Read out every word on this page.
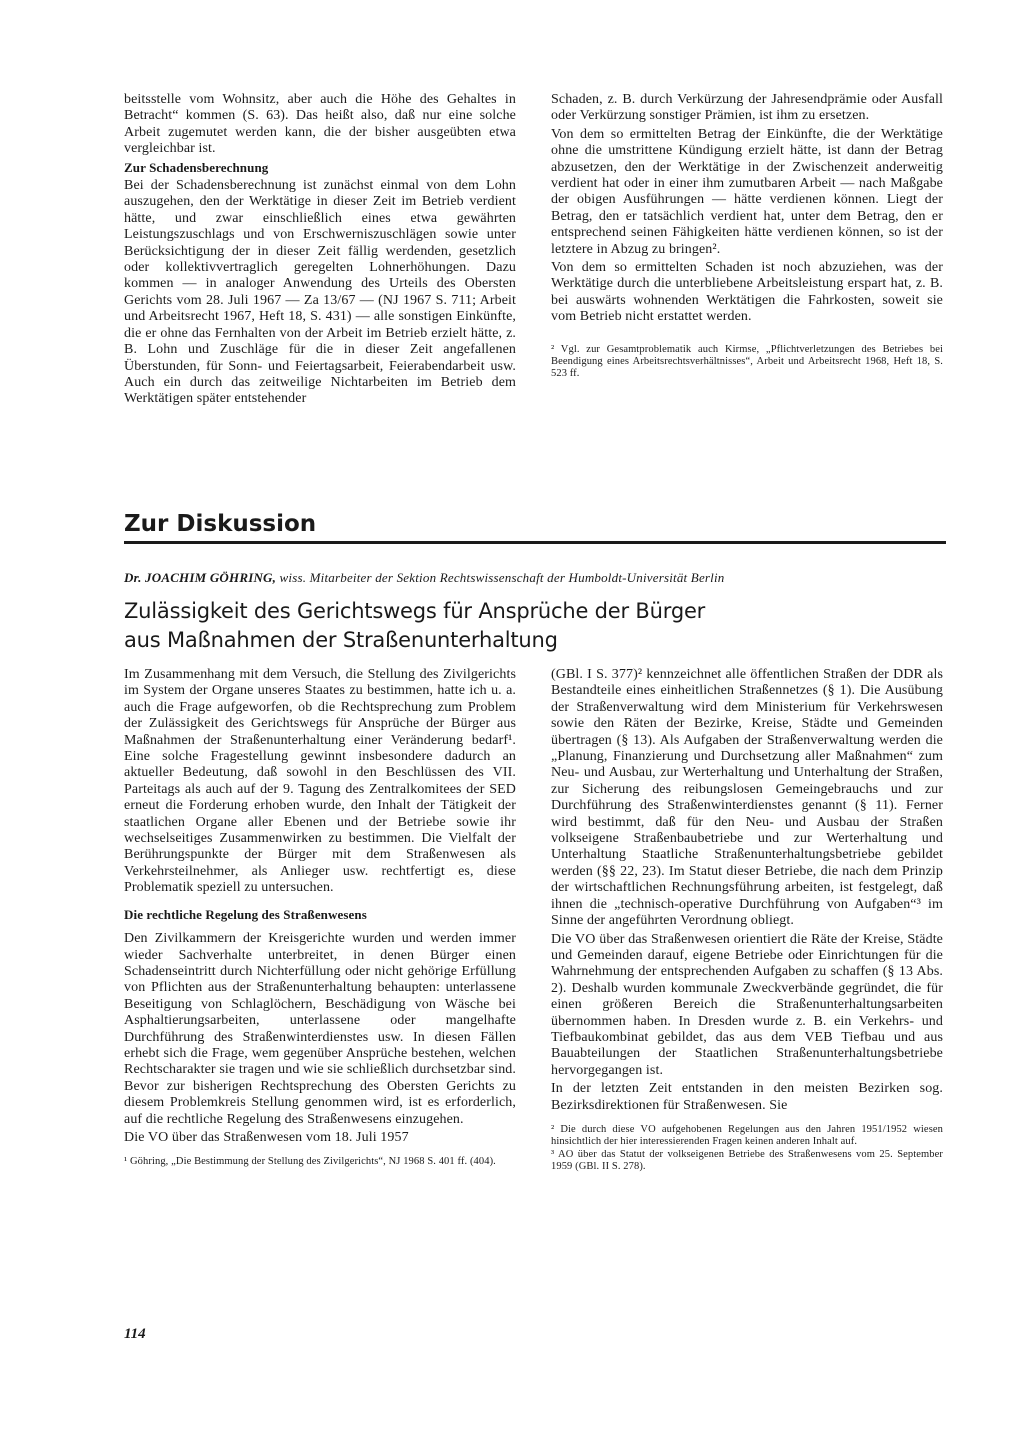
beitsstelle vom Wohnsitz, aber auch die Höhe des Gehaltes in Betracht“ kommen (S. 63). Das heißt also, daß nur eine solche Arbeit zugemutet werden kann, die der bisher ausgeübten etwa vergleichbar ist.

Zur Schadensberechnung

Bei der Schadensberechnung ist zunächst einmal von dem Lohn auszugehen, den der Werktätige in dieser Zeit im Betrieb verdient hätte, und zwar einschließlich eines etwa gewährten Leistungszuschlags und von Erschwerniszuschlägen sowie unter Berücksichtigung der in dieser Zeit fällig werdenden, gesetzlich oder kollektivvertraglich geregelten Lohnerhöhungen. Dazu kommen — in analoger Anwendung des Urteils des Obersten Gerichts vom 28. Juli 1967 — Za 13/67 — (NJ 1967 S. 711; Arbeit und Arbeitsrecht 1967, Heft 18, S. 431) — alle sonstigen Einkünfte, die er ohne das Fernhalten von der Arbeit im Betrieb erzielt hätte, z. B. Lohn und Zuschläge für die in dieser Zeit angefallenen Überstunden, für Sonn- und Feiertagsarbeit, Feierabendarbeit usw. Auch ein durch das zeitweilige Nichtarbeiten im Betrieb dem Werktätigen später entstehender

Schaden, z. B. durch Verkürzung der Jahresendprämie oder Ausfall oder Verkürzung sonstiger Prämien, ist ihm zu ersetzen.

Von dem so ermittelten Betrag der Einkünfte, die der Werktätige ohne die umstrittene Kündigung erzielt hätte, ist dann der Betrag abzusetzen, den der Werktätige in der Zwischenzeit anderweitig verdient hat oder in einer ihm zumutbaren Arbeit — nach Maßgabe der obigen Ausführungen — hätte verdienen können. Liegt der Betrag, den er tatsächlich verdient hat, unter dem Betrag, den er entsprechend seinen Fähigkeiten hätte verdienen können, so ist der letztere in Abzug zu bringen².

Von dem so ermittelten Schaden ist noch abzuziehen, was der Werktätige durch die unterbliebene Arbeitsleistung erspart hat, z. B. bei auswärts wohnenden Werktätigen die Fahrkosten, soweit sie vom Betrieb nicht erstattet werden.

² Vgl. zur Gesamtproblematik auch Kirmse, „Pflichtverletzungen des Betriebes bei Beendigung eines Arbeitsrechtsverhältnisses“, Arbeit und Arbeitsrecht 1968, Heft 18, S. 523 ff.

Zur Diskussion
Dr. JOACHIM GÖHRING, wiss. Mitarbeiter der Sektion Rechtswissenschaft der Humboldt-Universität Berlin
Zulässigkeit des Gerichtswegs für Ansprüche der Bürger
aus Maßnahmen der Straßenunterhaltung

Im Zusammenhang mit dem Versuch, die Stellung des Zivilgerichts im System der Organe unseres Staates zu bestimmen, hatte ich u. a. auch die Frage aufgeworfen, ob die Rechtsprechung zum Problem der Zulässigkeit des Gerichtswegs für Ansprüche der Bürger aus Maßnahmen der Straßenunterhaltung einer Veränderung bedarf¹. Eine solche Fragestellung gewinnt insbesondere dadurch an aktueller Bedeutung, daß sowohl in den Beschlüssen des VII. Parteitags als auch auf der 9. Tagung des Zentralkomitees der SED erneut die Forderung erhoben wurde, den Inhalt der Tätigkeit der staatlichen Organe aller Ebenen und der Betriebe sowie ihr wechselseitiges Zusammenwirken zu bestimmen. Die Vielfalt der Berührungspunkte der Bürger mit dem Straßenwesen als Verkehrsteilnehmer, als Anlieger usw. rechtfertigt es, diese Problematik speziell zu untersuchen.

Die rechtliche Regelung des Straßenwesens

Den Zivilkammern der Kreisgerichte wurden und werden immer wieder Sachverhalte unterbreitet, in denen Bürger einen Schadenseintritt durch Nichterfüllung oder nicht gehörige Erfüllung von Pflichten aus der Straßenunterhaltung behaupten: unterlassene Beseitigung von Schlaglöchern, Beschädigung von Wäsche bei Asphaltierungsarbeiten, unterlassene oder mangelhafte Durchführung des Straßenwinterdienstes usw. In diesen Fällen erhebt sich die Frage, wem gegenüber Ansprüche bestehen, welchen Rechtscharakter sie tragen und wie sie schließlich durchsetzbar sind. Bevor zur bisherigen Rechtsprechung des Obersten Gerichts zu diesem Problemkreis Stellung genommen wird, ist es erforderlich, auf die rechtliche Regelung des Straßenwesens einzugehen.

Die VO über das Straßenwesen vom 18. Juli 1957

¹ Göhring, „Die Bestimmung der Stellung des Zivilgerichts“, NJ 1968 S. 401 ff. (404).

(GBl. I S. 377)² kennzeichnet alle öffentlichen Straßen der DDR als Bestandteile eines einheitlichen Straßennetzes (§ 1). Die Ausübung der Straßenverwaltung wird dem Ministerium für Verkehrswesen sowie den Räten der Bezirke, Kreise, Städte und Gemeinden übertragen (§ 13). Als Aufgaben der Straßenverwaltung werden die „Planung, Finanzierung und Durchsetzung aller Maßnahmen“ zum Neu- und Ausbau, zur Werterhaltung und Unterhaltung der Straßen, zur Sicherung des reibungslosen Gemeingebrauchs und zur Durchführung des Straßenwinterdienstes genannt (§ 11). Ferner wird bestimmt, daß für den Neu- und Ausbau der Straßen volkseigene Straßenbaubetriebe und zur Werterhaltung und Unterhaltung Staatliche Straßenunterhaltungsbetriebe gebildet werden (§§ 22, 23). Im Statut dieser Betriebe, die nach dem Prinzip der wirtschaftlichen Rechnungsführung arbeiten, ist festgelegt, daß ihnen die „technisch-operative Durchführung von Aufgaben“³ im Sinne der angeführten Verordnung obliegt.

Die VO über das Straßenwesen orientiert die Räte der Kreise, Städte und Gemeinden darauf, eigene Betriebe oder Einrichtungen für die Wahrnehmung der entsprechenden Aufgaben zu schaffen (§ 13 Abs. 2). Deshalb wurden kommunale Zweckverbände gegründet, die für einen größeren Bereich die Straßenunterhaltungsarbeiten übernommen haben. In Dresden wurde z. B. ein Verkehrs- und Tiefbaukombinat gebildet, das aus dem VEB Tiefbau und aus Bauabteilungen der Staatlichen Straßenunterhaltungsbetriebe hervorgegangen ist.

In der letzten Zeit entstanden in den meisten Bezirken sog. Bezirksdirektionen für Straßenwesen. Sie

² Die durch diese VO aufgehobenen Regelungen aus den Jahren 1951/1952 wiesen hinsichtlich der hier interessierenden Fragen keinen anderen Inhalt auf.

³ AO über das Statut der volkseigenen Betriebe des Straßenwesens vom 25. September 1959 (GBl. II S. 278).

114
